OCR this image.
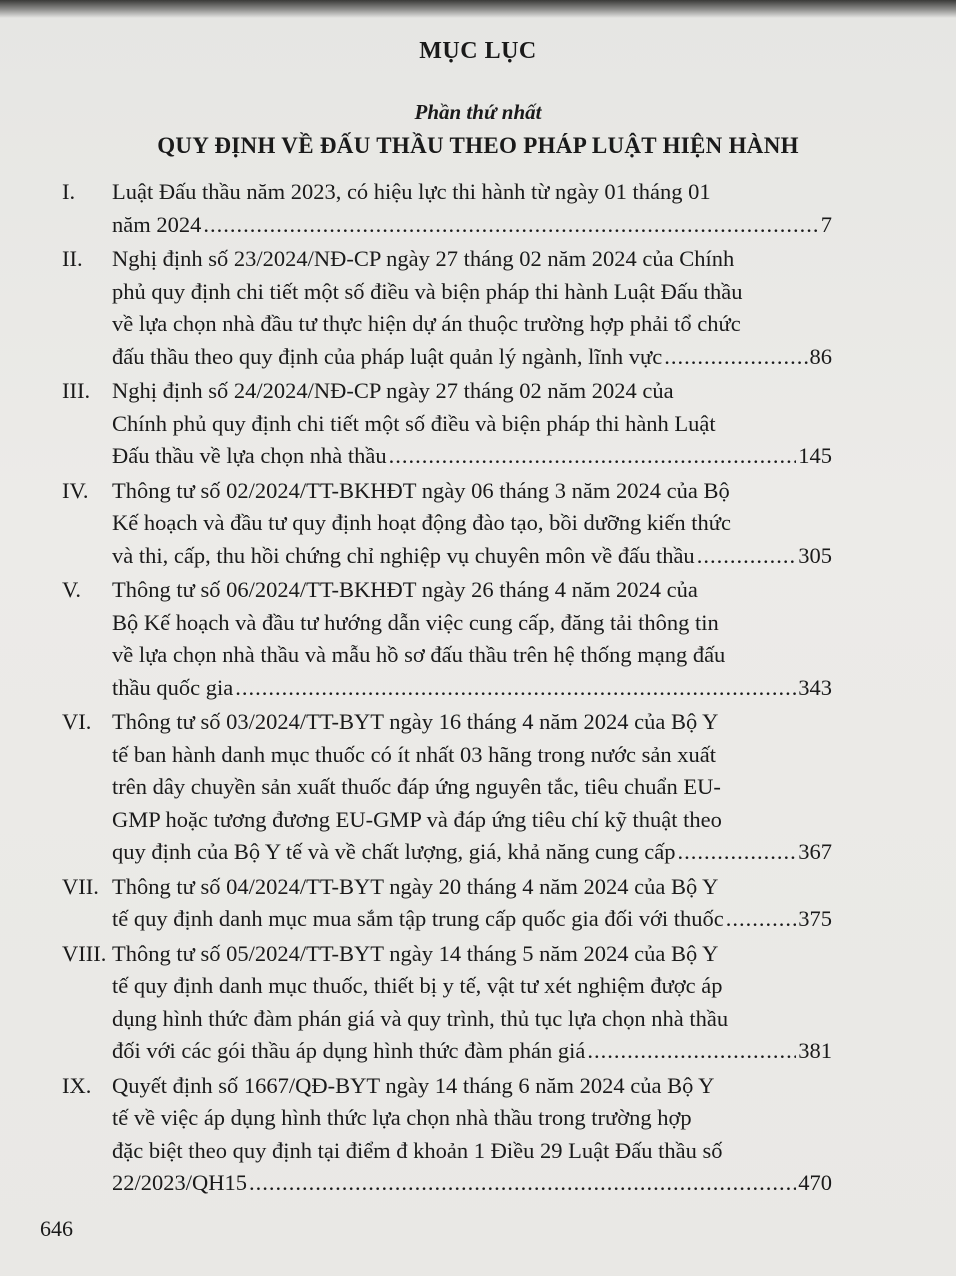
MỤC LỤC
Phần thứ nhất
QUY ĐỊNH VỀ ĐẤU THẦU THEO PHÁP LUẬT HIỆN HÀNH
I.	Luật Đấu thầu năm 2023, có hiệu lực thi hành từ ngày 01 tháng 01
năm 2024 .....	7
II.	Nghị định số 23/2024/NĐ-CP ngày 27 tháng 02 năm 2024 của Chính
phủ quy định chi tiết một số điều và biện pháp thi hành Luật Đấu thầu
về lựa chọn nhà đầu tư thực hiện dự án thuộc trường hợp phải tổ chức
đấu thầu theo quy định của pháp luật quản lý ngành, lĩnh vực .....	86
III. Nghị định số 24/2024/NĐ-CP ngày 27 tháng 02 năm 2024 của
Chính phủ quy định chi tiết một số điều và biện pháp thi hành Luật
Đấu thầu về lựa chọn nhà thầu .....	145
IV.	Thông tư số 02/2024/TT-BKHĐT ngày 06 tháng 3 năm 2024 của Bộ
Kế hoạch và đầu tư quy định hoạt động đào tạo, bồi dưỡng kiến thức
và thi, cấp, thu hồi chứng chỉ nghiệp vụ chuyên môn về đấu thầu .....	305
V.	Thông tư số 06/2024/TT-BKHĐT ngày 26 tháng 4 năm 2024 của
Bộ Kế hoạch và đầu tư hướng dẫn việc cung cấp, đăng tải thông tin
về lựa chọn nhà thầu và mẫu hồ sơ đấu thầu trên hệ thống mạng đấu
thầu quốc gia .....	343
VI. Thông tư số 03/2024/TT-BYT ngày 16 tháng 4 năm 2024 của Bộ Y
tế ban hành danh mục thuốc có ít nhất 03 hãng trong nước sản xuất
trên dây chuyền sản xuất thuốc đáp ứng nguyên tắc, tiêu chuẩn EU-
GMP hoặc tương đương EU-GMP và đáp ứng tiêu chí kỹ thuật theo
quy định của Bộ Y tế và về chất lượng, giá, khả năng cung cấp .....	367
VII. Thông tư số 04/2024/TT-BYT ngày 20 tháng 4 năm 2024 của Bộ Y
tế quy định danh mục mua sắm tập trung cấp quốc gia đối với thuốc .....	375
VIII. Thông tư số 05/2024/TT-BYT ngày 14 tháng 5 năm 2024 của Bộ Y
tế quy định danh mục thuốc, thiết bị y tế, vật tư xét nghiệm được áp
dụng hình thức đàm phán giá và quy trình, thủ tục lựa chọn nhà thầu
đối với các gói thầu áp dụng hình thức đàm phán giá .....	381
IX. Quyết định số 1667/QĐ-BYT ngày 14 tháng 6 năm 2024 của Bộ Y
tế về việc áp dụng hình thức lựa chọn nhà thầu trong trường hợp
đặc biệt theo quy định tại điểm đ khoản 1 Điều 29 Luật Đấu thầu số
22/2023/QH15 .....	470
646
